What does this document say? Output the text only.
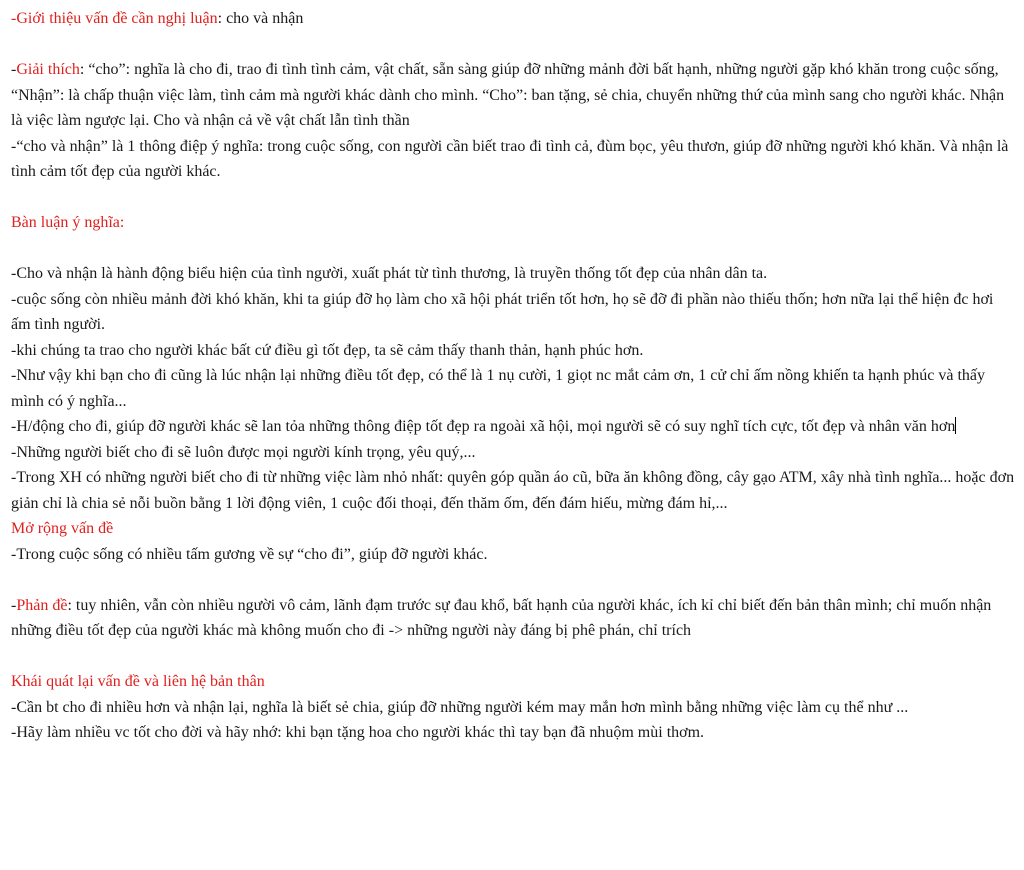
-Giới thiệu vấn đề cần nghị luận: cho và nhận

-Giải thích: “cho”: nghĩa là cho đi, trao đi tình tình cảm, vật chất, sẵn sàng giúp đỡ những mảnh đời bất hạnh, những người gặp khó khăn trong cuộc sống, “Nhận”: là chấp thuận việc làm, tình cảm mà người khác dành cho mình. “Cho”: ban tặng, sẻ chia, chuyển những thứ của mình sang cho người khác. Nhận là việc làm ngược lại. Cho và nhận cả về vật chất lẫn tình thần

-“cho và nhận” là 1 thông điệp ý nghĩa: trong cuộc sống, con người cần biết trao đi tình cả, đùm bọc, yêu thươn, giúp đỡ những người khó khăn. Và nhận là tình cảm tốt đẹp của người khác.

Bàn luận ý nghĩa:

-Cho và nhận là hành động biểu hiện của tình người, xuất phát từ tình thương, là truyền thống tốt đẹp của nhân dân ta.

-cuộc sống còn nhiều mảnh đời khó khăn, khi ta giúp đỡ họ làm cho xã hội phát triển tốt hơn, họ sẽ đỡ đi phần nào thiếu thốn; hơn nữa lại thể hiện đc hơi ấm tình người.

-khi chúng ta trao cho người khác bất cứ điều gì tốt đẹp, ta sẽ cảm thấy thanh thản, hạnh phúc hơn.

-Như vậy khi bạn cho đi cũng là lúc nhận lại những điều tốt đẹp, có thể là 1 nụ cười, 1 giọt nc mắt cảm ơn, 1 cử chỉ ấm nồng khiến ta hạnh phúc và thấy mình có ý nghĩa...

-H/động cho đi, giúp đỡ người khác sẽ lan tỏa những thông điệp tốt đẹp ra ngoài xã hội, mọi người sẽ có suy nghĩ tích cực, tốt đẹp và nhân văn hơn

-Những người biết cho đi sẽ luôn được mọi người kính trọng, yêu quý,...

-Trong XH có những người biết cho đi từ những việc làm nhỏ nhất: quyên góp quần áo cũ, bữa ăn không đồng, cây gạo ATM, xây nhà tình nghĩa... hoặc đơn giản chỉ là chia sẻ nỗi buồn bằng 1 lời động viên, 1 cuộc đối thoại, đến thăm ốm, đến đám hiếu, mừng đám hỉ,...

Mở rộng vấn đề

-Trong cuộc sống có nhiều tấm gương về sự “cho đi”, giúp đỡ người khác.

-Phản đề: tuy nhiên, vẫn còn nhiều người vô cảm, lãnh đạm trước sự đau khổ, bất hạnh của người khác, ích kỉ chỉ biết đến bản thân mình; chỉ muốn nhận những điều tốt đẹp của người khác mà không muốn cho đi -> những người này đáng bị phê phán, chỉ trích

Khái quát lại vấn đề và liên hệ bản thân

-Cần bt cho đi nhiều hơn và nhận lại, nghĩa là biết sẻ chia, giúp đỡ những người kém may mắn hơn mình bằng những việc làm cụ thể như ...

-Hãy làm nhiều vc tốt cho đời và hãy nhớ: khi bạn tặng hoa cho người khác thì tay bạn đã nhuộm mùi thơm.
